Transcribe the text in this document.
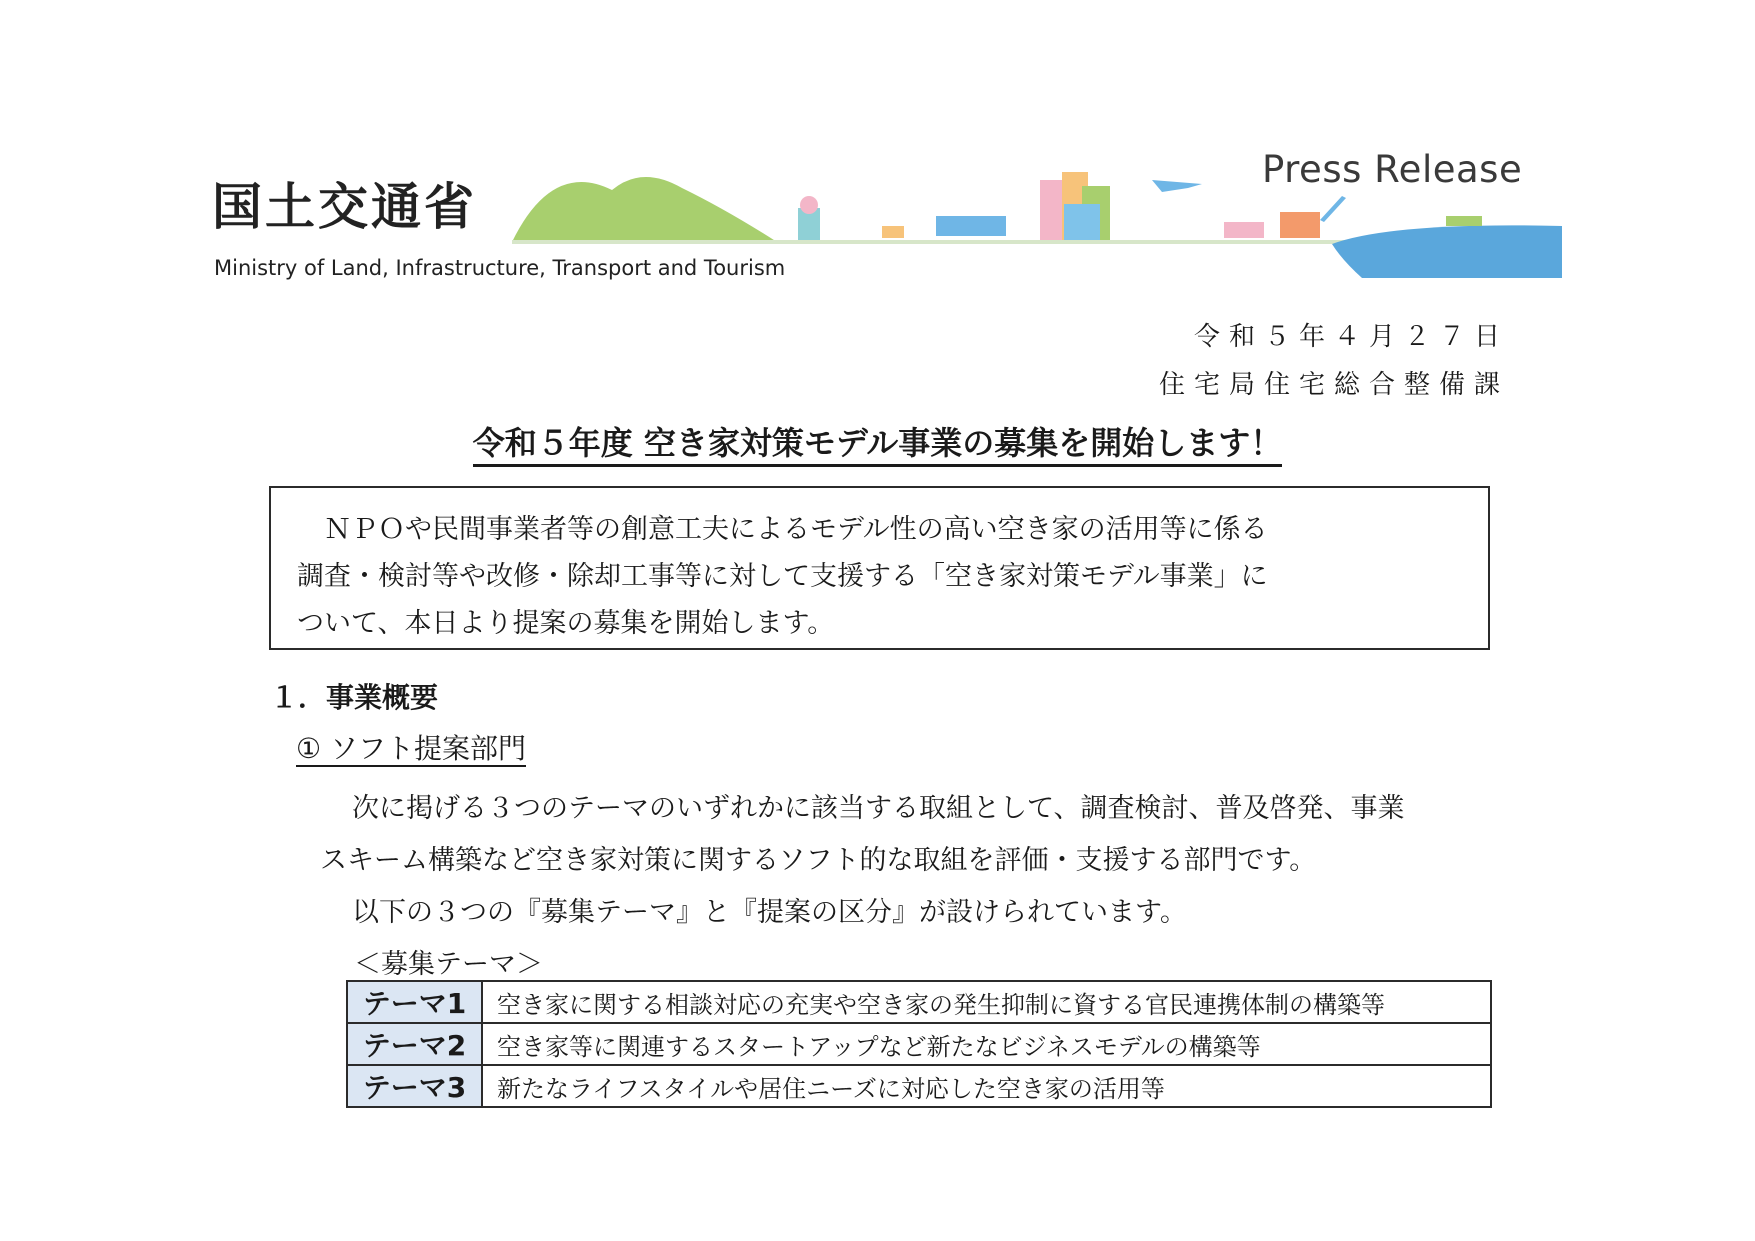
国土交通省
Ministry of Land, Infrastructure, Transport and Tourism
Press Release
令和５年４月２７日
住宅局住宅総合整備課
令和５年度 空き家対策モデル事業の募集を開始します！
　ＮＰＯや民間事業者等の創意工夫によるモデル性の高い空き家の活用等に係る
調査・検討等や改修・除却工事等に対して支援する「空き家対策モデル事業」に
ついて、本日より提案の募集を開始します。
１．事業概要
① ソフト提案部門
次に掲げる３つのテーマのいずれかに該当する取組として、調査検討、普及啓発、事業
スキーム構築など空き家対策に関するソフト的な取組を評価・支援する部門です。
以下の３つの『募集テーマ』と『提案の区分』が設けられています。
＜募集テーマ＞
テーマ1	空き家に関する相談対応の充実や空き家の発生抑制に資する官民連携体制の構築等
テーマ2	空き家等に関連するスタートアップなど新たなビジネスモデルの構築等
テーマ3	新たなライフスタイルや居住ニーズに対応した空き家の活用等
